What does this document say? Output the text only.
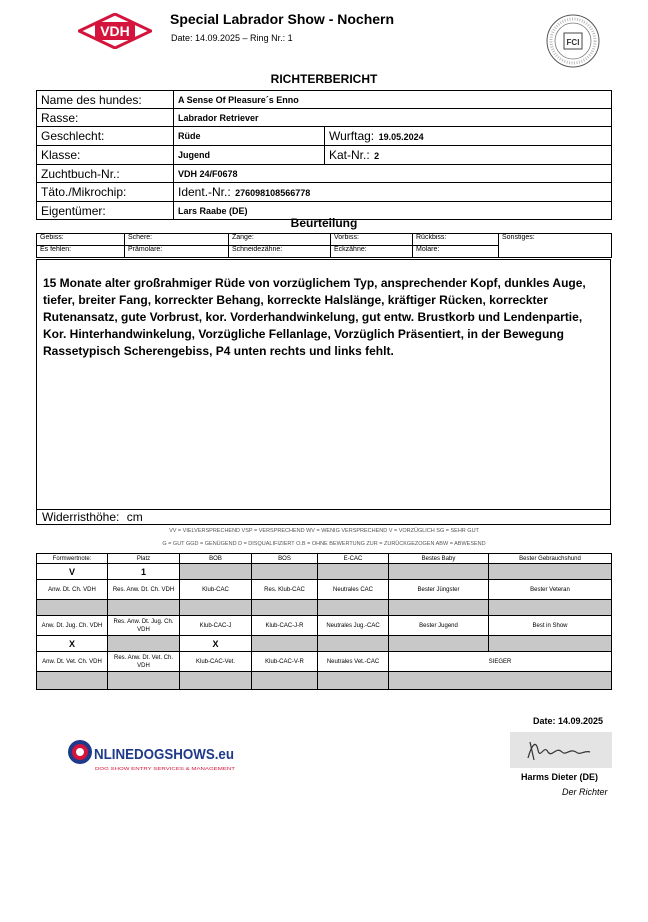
VDH
Special Labrador Show - Nochern
Date: 14.09.2025 – Ring Nr.: 1	FCI
RICHTERBERICHT
Name des hundes:	A Sense Of Pleasure´s Enno	
Rasse:	Labrador Retriever	
Geschlecht:	Rüde	Wurftag: 19.05.2024
Klasse:	Jugend	Kat-Nr.: 2
Zuchtbuch-Nr.:	VDH 24/F0678	
Täto./Mikrochip:	Ident.-Nr.: 276098108566778	
Eigentümer:	Lars Raabe (DE)	
Beurteilung
Gebiss:	Schere:	Zange:	Vorbiss:	Rückbiss:	Sonstiges:
Es fehlen:	Prämolare:	Schneidezähne:	Eckzähne:	Molare:	
15 Monate alter großrahmiger Rüde von vorzüglichem Typ, ansprechender Kopf, dunkles Auge, tiefer, breiter Fang, korreckter Behang, korreckte Halslänge, kräftiger Rücken, korreckter Rutenansatz, gute Vorbrust, kor. Vorderhandwinkelung, gut entw. Brustkorb und Lendenpartie, Kor. Hinterhandwinkelung, Vorzügliche Fellanlage, Vorzüglich Präsentiert, in der Bewegung Rassetypisch Scherengebiss, P4 unten rechts und links fehlt.
Widerristhöhe: cm
VV = VIELVERSPRECHEND VSP = VERSPRECHEND WV = WENIG VERSPRECHEND V = VORZÜGLICH SG = SEHR GUT
G = GUT GGD = GENÜGEND D = DISQUALIFIZIERT O.B = OHNE BEWERTUNG ZUR = ZURÜCKGEZOGEN ABW = ABWESEND
Formwertnote:	Platz	BOB	BOS	E-CAC	Bestes Baby	Bester Gebrauchshund
V	1					
Anw. Dt. Ch. VDH	Res. Anw. Dt. Ch. VDH	Klub-CAC	Res. Klub-CAC	Neutrales CAC	Bester Jüngster	Bester Veteran

Anw. Dt. Jug. Ch. VDH	Res. Anw. Dt. Jug. Ch. VDH	Klub-CAC-J	Klub-CAC-J-R	Neutrales Jug.-CAC	Bester Jugend	Best in Show
X		X				
Anw. Dt. Vet. Ch. VDH	Res. Anw. Dt. Vet. Ch. VDH	Klub-CAC-Vet.	Klub-CAC-V-R	Neutrales Vet.-CAC	SIEGER	

Date: 14.09.2025
NLINEDOGSHOWS.eu
DOG SHOW ENTRY SERVICES & MANAGEMENT
Harms Dieter (DE)
Der Richter
